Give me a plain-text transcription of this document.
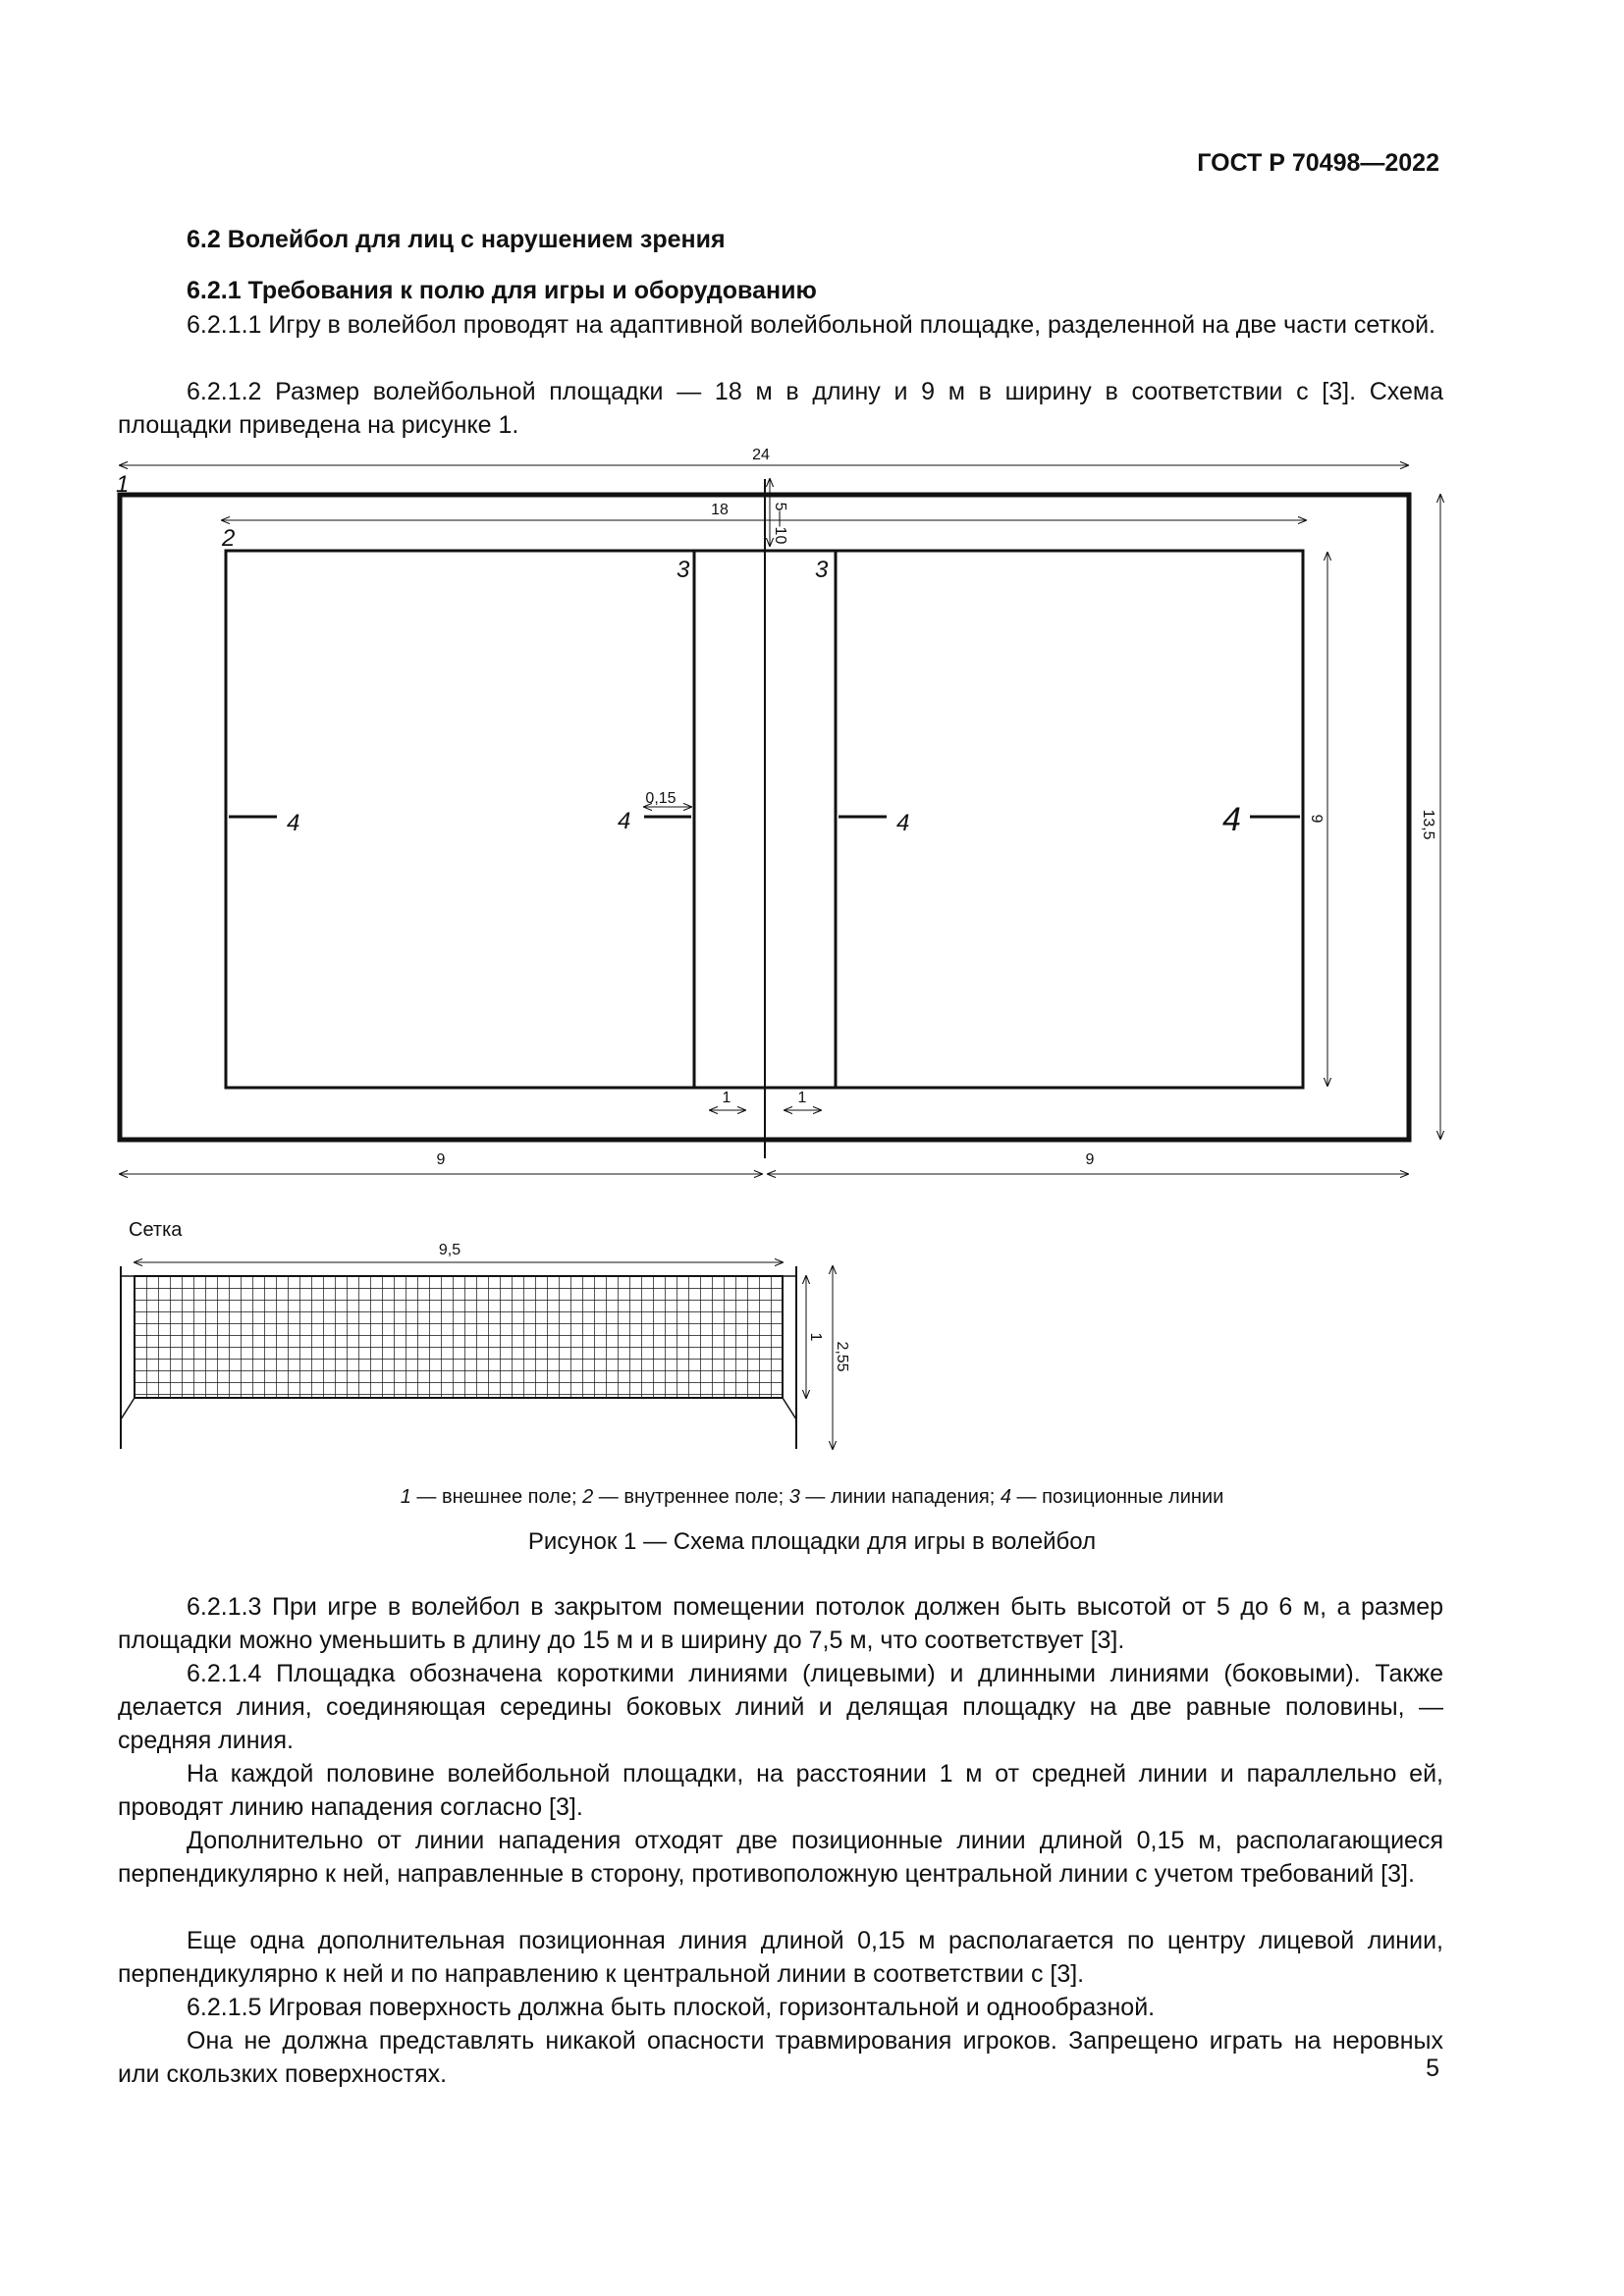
ГОСТ Р 70498—2022
6.2 Волейбол для лиц с нарушением зрения
6.2.1 Требования к полю для игры и оборудованию

6.2.1.1 Игру в волейбол проводят на адаптивной волейбольной площадке, разделенной на две части сеткой.

6.2.1.2 Размер волейбольной площадки — 18 м в длину и 9 м в ширину в соответствии с [3]. Схема площадки приведена на рисунке 1.

24
1
18
2	5—10
3	3
4	4
0,15
4	4	9	13,5
1	1
9	9
Сетка
9,5
1
2,55
1 — внешнее поле; 2 — внутреннее поле; 3 — линии нападения; 4 — позиционные линии
Рисунок 1 — Схема площадки для игры в волейбол

6.2.1.3 При игре в волейбол в закрытом помещении потолок должен быть высотой от 5 до 6 м, а размер площадки можно уменьшить в длину до 15 м и в ширину до 7,5 м, что соответствует [3].

6.2.1.4 Площадка обозначена короткими линиями (лицевыми) и длинными линиями (боковыми). Также делается линия, соединяющая середины боковых линий и делящая площадку на две равные половины, — средняя линия.

На каждой половине волейбольной площадки, на расстоянии 1 м от средней линии и параллельно ей, проводят линию нападения согласно [3].

Дополнительно от линии нападения отходят две позиционные линии длиной 0,15 м, располагающиеся перпендикулярно к ней, направленные в сторону, противоположную центральной линии с учетом требований [3].

Еще одна дополнительная позиционная линия длиной 0,15 м располагается по центру лицевой линии, перпендикулярно к ней и по направлению к центральной линии в соответствии с [3].

6.2.1.5 Игровая поверхность должна быть плоской, горизонтальной и однообразной.

Она не должна представлять никакой опасности травмирования игроков. Запрещено играть на неровных или скользких поверхностях.	5
